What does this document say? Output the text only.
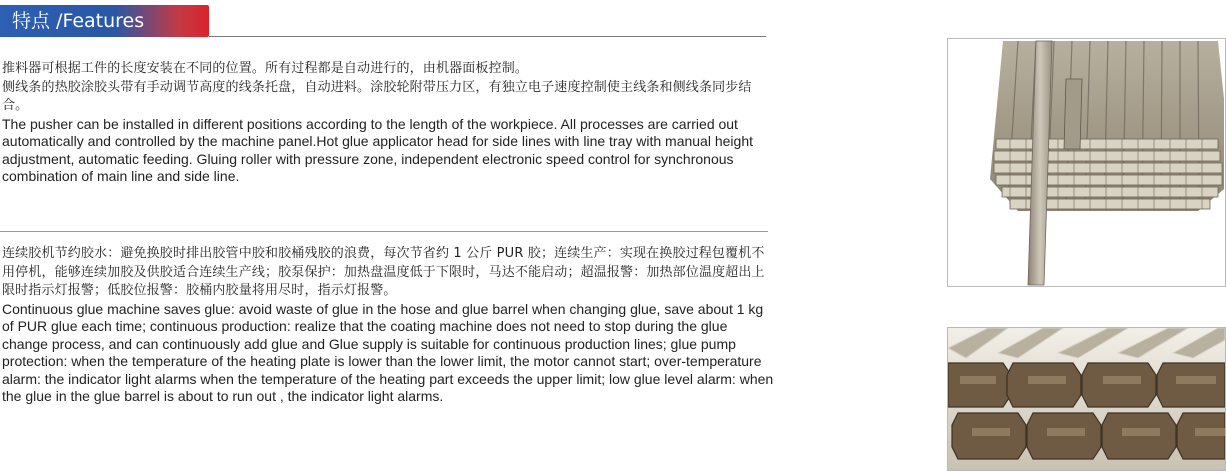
特点 /Features

推料器可根据工件的长度安装在不同的位置。所有过程都是自动进行的，由机器面板控制。

侧线条的热胶涂胶头带有手动调节高度的线条托盘，自动进料。涂胶轮附带压力区，有独立电子速度控制使主线条和侧线条同步结合。

The pusher can be installed in different positions according to the length of the workpiece. All processes are carried out

automatically and controlled by the machine panel.Hot glue applicator head for side lines with line tray with manual height adjustment, automatic feeding. Gluing roller with pressure zone, independent electronic speed control for synchronous combination of main line and side line.

连续胶机节约胶水：避免换胶时排出胶管中胶和胶桶残胶的浪费，每次节省约 1 公斤 PUR 胶；连续生产：实现在换胶过程包覆机不用停机，能够连续加胶及供胶适合连续生产线；胶泵保护：加热盘温度低于下限时，马达不能启动；超温报警：加热部位温度超出上限时指示灯报警；低胶位报警：胶桶内胶量将用尽时，指示灯报警。

Continuous glue machine saves glue: avoid waste of glue in the hose and glue barrel when changing glue, save about 1 kg of PUR glue each time; continuous production: realize that the coating machine does not need to stop during the glue change process, and can continuously add glue and Glue supply is suitable for continuous production lines; glue pump protection: when the temperature of the heating plate is lower than the lower limit, the motor cannot start; over-temperature alarm: the indicator light alarms when the temperature of the heating part exceeds the upper limit; low glue level alarm: when the glue in the glue barrel is about to run out , the indicator light alarms.
